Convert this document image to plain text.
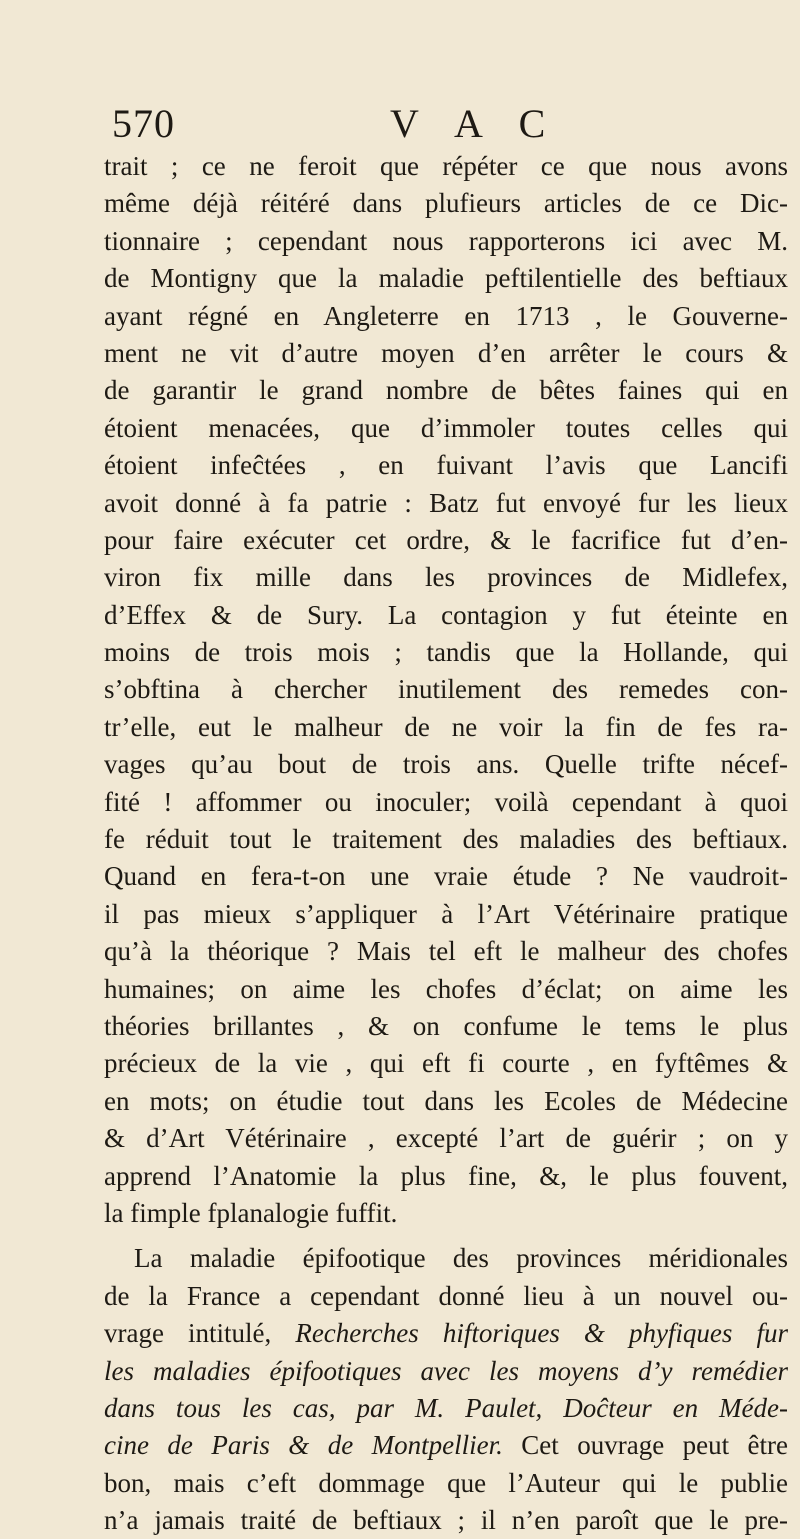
570	V A C
trait ; ce ne feroit que répéter ce que nous avons
même déjà réitéré dans plufieurs articles de ce Dic-
tionnaire ; cependant nous rapporterons ici avec M.
de Montigny que la maladie peftilentielle des beftiaux
ayant régné en Angleterre en 1713 , le Gouverne-
ment ne vit d’autre moyen d’en arrêter le cours &
de garantir le grand nombre de bêtes faines qui en
étoient menacées, que d’immoler toutes celles qui
étoient infeĉtées , en fuivant l’avis que Lancifi
avoit donné à fa patrie : Batz fut envoyé fur les lieux
pour faire exécuter cet ordre, & le facrifice fut d’en-
viron fix mille dans les provinces de Midlefex,
d’Effex & de Sury. La contagion y fut éteinte en
moins de trois mois ; tandis que la Hollande, qui
s’obftina à chercher inutilement des remedes con-
tr’elle, eut le malheur de ne voir la fin de fes ra-
vages qu’au bout de trois ans. Quelle trifte nécef-
fité ! affommer ou inoculer; voilà cependant à quoi
fe réduit tout le traitement des maladies des beftiaux.
Quand en fera-t-on une vraie étude ? Ne vaudroit-
il pas mieux s’appliquer à l’Art Vétérinaire pratique
qu’à la théorique ? Mais tel eft le malheur des chofes
humaines; on aime les chofes d’éclat; on aime les
théories brillantes , & on confume le tems le plus
précieux de la vie , qui eft fi courte , en fyftêmes &
en mots; on étudie tout dans les Ecoles de Médecine
& d’Art Vétérinaire , excepté l’art de guérir ; on y
apprend l’Anatomie la plus fine, &, le plus fouvent,
la fimple fplanalogie fuffit.
La maladie épifootique des provinces méridionales
de la France a cependant donné lieu à un nouvel ou-
vrage intitulé, Recherches hiftoriques & phyfiques fur
les maladies épifootiques avec les moyens d’y remédier
dans tous les cas, par M. Paulet, Doĉteur en Méde-
cine de Paris & de Montpellier. Cet ouvrage peut être
bon, mais c’eft dommage que l’Auteur qui le publie
n’a jamais traité de beftiaux ; il n’en paroît que le pre-
